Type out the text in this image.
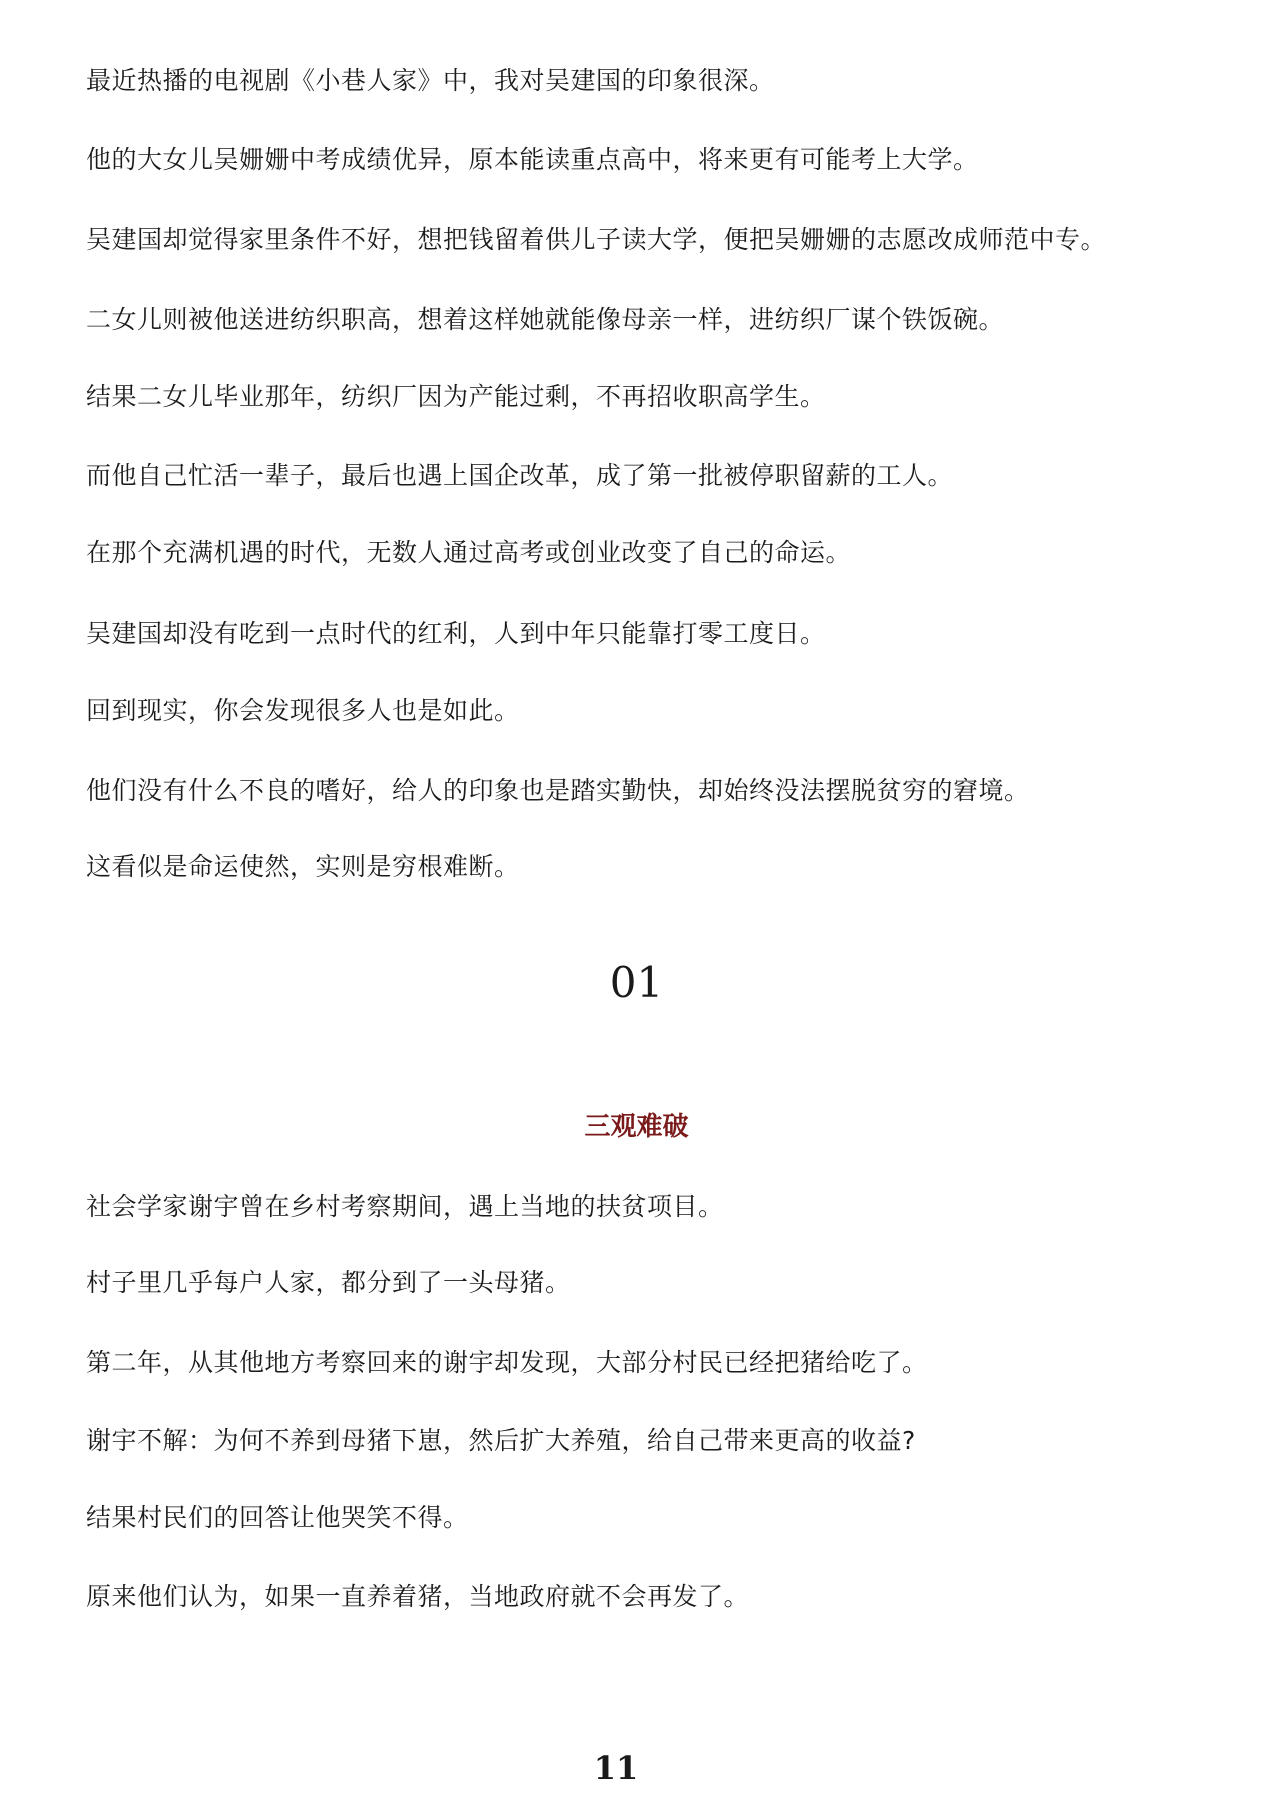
最近热播的电视剧《小巷人家》中，我对吴建国的印象很深。

他的大女儿吴姗姗中考成绩优异，原本能读重点高中，将来更有可能考上大学。

吴建国却觉得家里条件不好，想把钱留着供儿子读大学，便把吴姗姗的志愿改成师范中专。

二女儿则被他送进纺织职高，想着这样她就能像母亲一样，进纺织厂谋个铁饭碗。

结果二女儿毕业那年，纺织厂因为产能过剩，不再招收职高学生。

而他自己忙活一辈子，最后也遇上国企改革，成了第一批被停职留薪的工人。

在那个充满机遇的时代，无数人通过高考或创业改变了自己的命运。

吴建国却没有吃到一点时代的红利，人到中年只能靠打零工度日。

回到现实，你会发现很多人也是如此。

他们没有什么不良的嗜好，给人的印象也是踏实勤快，却始终没法摆脱贫穷的窘境。

这看似是命运使然，实则是穷根难断。

01
三观难破

社会学家谢宇曾在乡村考察期间，遇上当地的扶贫项目。

村子里几乎每户人家，都分到了一头母猪。

第二年，从其他地方考察回来的谢宇却发现，大部分村民已经把猪给吃了。

谢宇不解：为何不养到母猪下崽，然后扩大养殖，给自己带来更高的收益?

结果村民们的回答让他哭笑不得。

原来他们认为，如果一直养着猪，当地政府就不会再发了。

11
